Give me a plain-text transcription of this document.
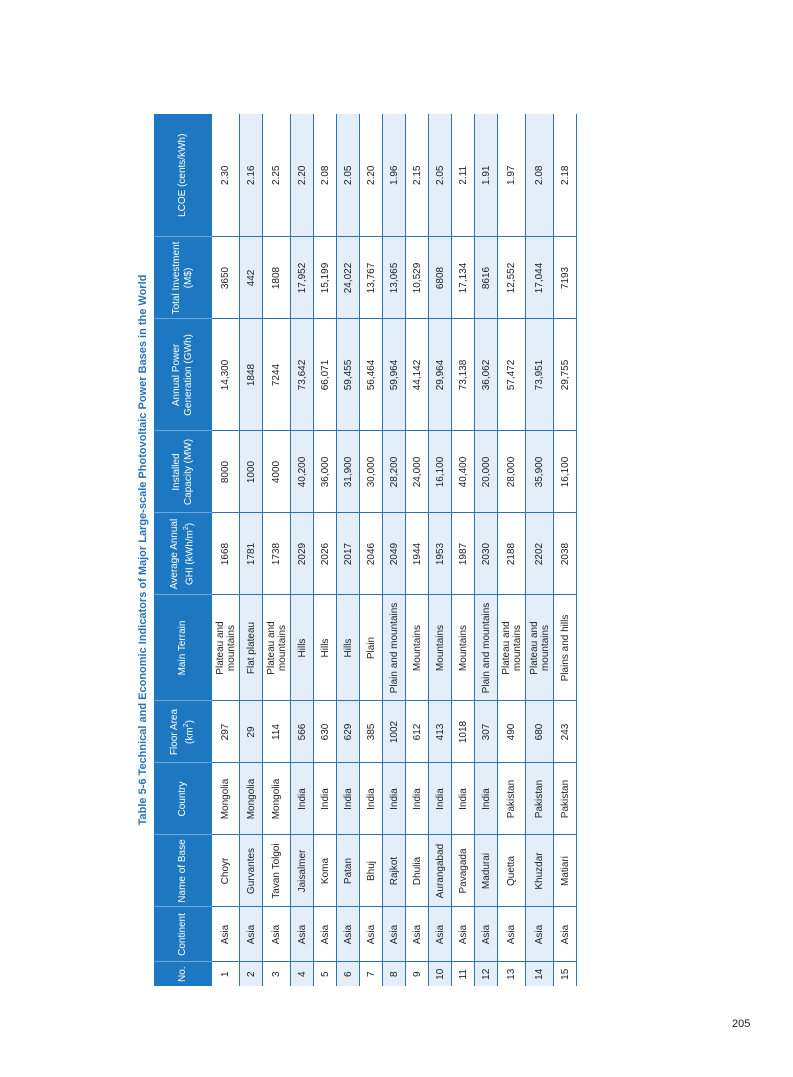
Table 5-6 Technical and Economic Indicators of Major Large-scale Photovoltaic Power Bases in the World
No.	Continent	Name of Base	Country	Floor Area $(km^2)$	Main Terrain	Average Annual GHI $(kWh/m^2)$	Installed Capacity (MW)	Annual Power Generation (GWh)	Total Investment (M$)	LCOE (cents/kWh)
1	Asia	Choyr	Mongolia	297	Plateau and mountains	1668	8000	14,300	3650	2.30
2	Asia	Gurvantes	Mongolia	29	Flat plateau	1781	1000	1848	442	2.16
3	Asia	Tavan Tolgoi	Mongolia	114	Plateau and mountains	1738	4000	7244	1808	2.25
4	Asia	Jaisalmer	India	566	Hills	2029	40,200	73,642	17,952	2.20
5	Asia	Koma	India	630	Hills	2026	36,000	66,071	15,199	2.08
6	Asia	Patan	India	629	Hills	2017	31,900	59,455	24,022	2.05
7	Asia	Bhuj	India	385	Plain	2046	30,000	56,464	13,767	2.20
8	Asia	Rajkot	India	1002	Plain and mountains	2049	28,200	59,964	13,065	1.96
9	Asia	Dhulia	India	612	Mountains	1944	24,000	44,142	10,529	2.15
10	Asia	Aurangabad	India	413	Mountains	1953	16,100	29,964	6808	2.05
11	Asia	Pavagada	India	1018	Mountains	1987	40,400	73,138	17,134	2.11
12	Asia	Madurai	India	307	Plain and mountains	2030	20,000	36,062	8616	1.91
13	Asia	Quetta	Pakistan	490	Plateau and mountains	2188	28,000	57,472	12,552	1.97
14	Asia	Khuzdar	Pakistan	680	Plateau and mountains	2202	35,900	73,951	17,044	2.08
15	Asia	Matiari	Pakistan	243	Plains and hills	2038	16,100	29,755	7193	2.18
205
